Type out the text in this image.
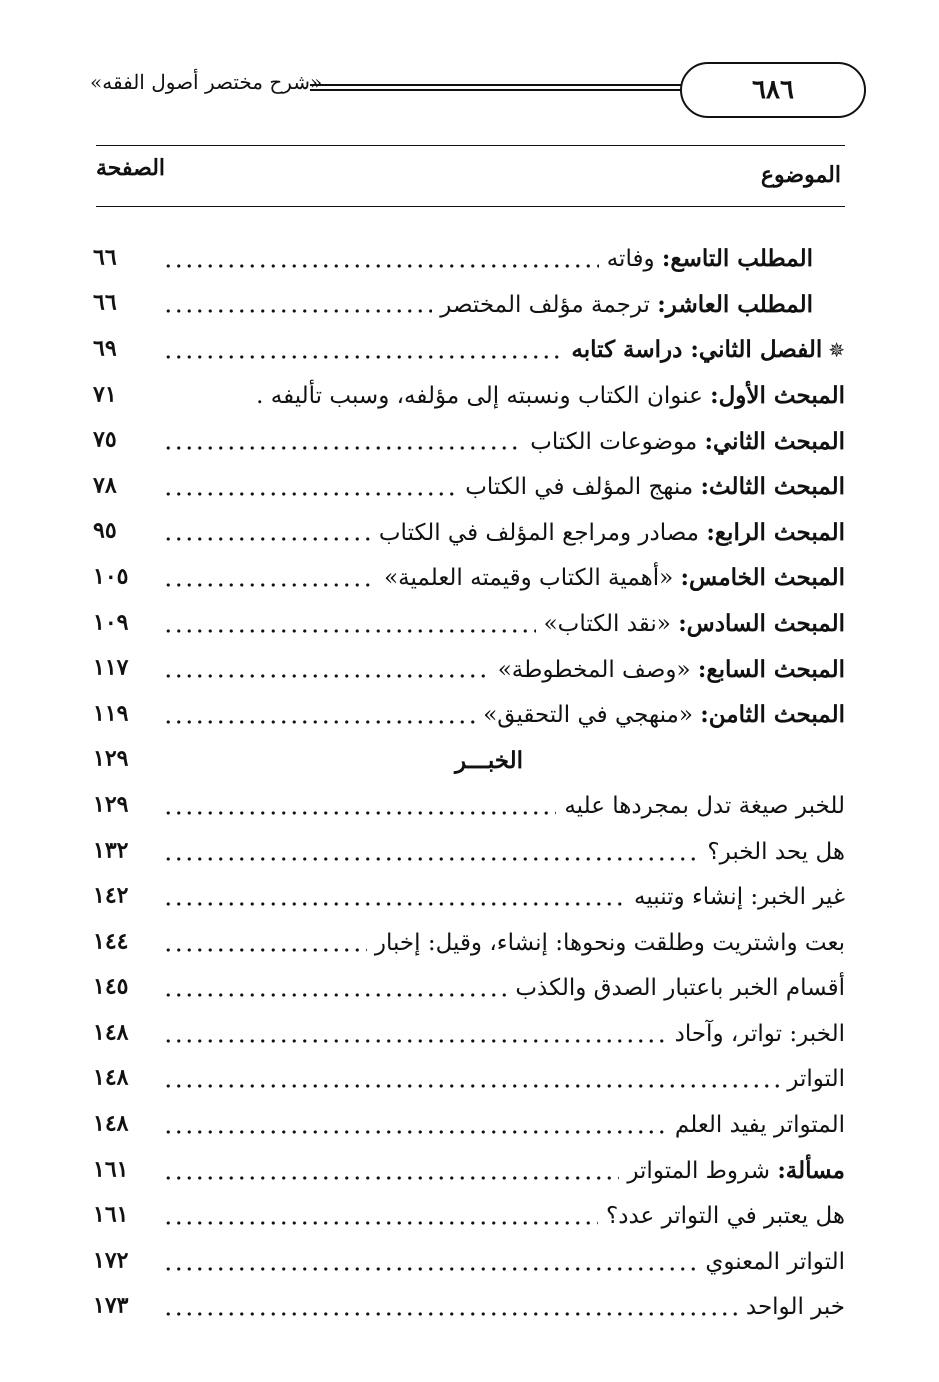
«شرح مختصر أصول الفقه»	٦٨٦
الموضوع
الصفحة
المطلب التاسع: وفاته
٦٦
المطلب العاشر: ترجمة مؤلف المختصر
٦٦
✵الفصل الثاني: دراسة كتابه
٦٩
المبحث الأول: عنوان الكتاب ونسبته إلى مؤلفه، وسبب تأليفه .
٧١
المبحث الثاني: موضوعات الكتاب
٧٥
المبحث الثالث: منهج المؤلف في الكتاب
٧٨
المبحث الرابع: مصادر ومراجع المؤلف في الكتاب
٩٥
المبحث الخامس: «أهمية الكتاب وقيمته العلمية»
١٠٥
المبحث السادس: «نقد الكتاب»
١٠٩
المبحث السابع: «وصف المخطوطة»
١١٧
المبحث الثامن: «منهجي في التحقيق»
١١٩
الخبـــر
١٢٩
للخبر صيغة تدل بمجردها عليه
١٢٩
هل يحد الخبر؟
١٣٢
غير الخبر: إنشاء وتنبيه
١٤٢
بعت واشتريت وطلقت ونحوها: إنشاء، وقيل: إخبار
١٤٤
أقسام الخبر باعتبار الصدق والكذب
١٤٥
الخبر: تواتر، وآحاد
١٤٨
التواتر
١٤٨
المتواتر يفيد العلم
١٤٨
مسألة: شروط المتواتر
١٦١
هل يعتبر في التواتر عدد؟
١٦١
التواتر المعنوي
١٧٢
خبر الواحد
١٧٣
